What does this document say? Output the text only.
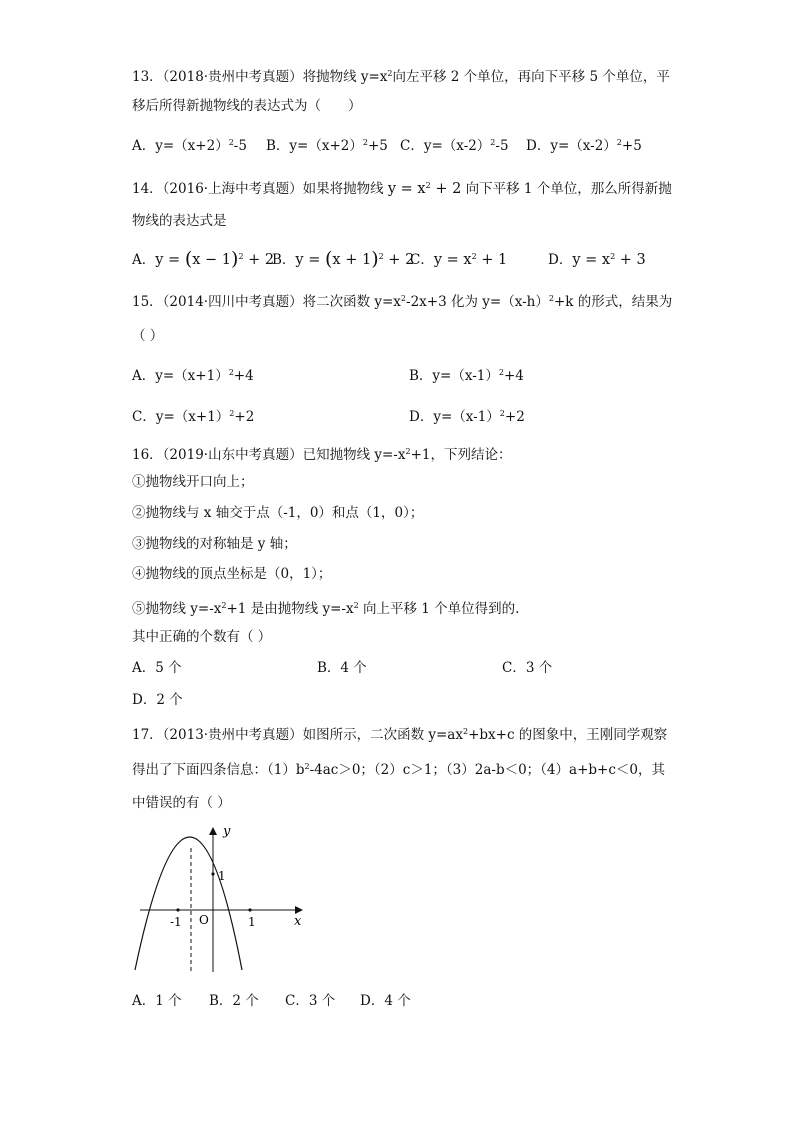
13．（2018·贵州中考真题）将抛物线 $y=x^2$向左平移 2 个单位，再向下平移 5 个单位，平
移后所得新抛物线的表达式为（　　）
A．$y=(x+2)^2-5$ B．$y=(x+2)^2+5$ C．$y=(x-2)^2-5$ D．$y=(x-2)^2+5$
14．（2016·上海中考真题）如果将抛物线 $y = x^2 + 2$ 向下平移 1 个单位，那么所得新抛
物线的表达式是
A．$y = (x - 1)^2 + 2$
B．$y = (x + 1)^2 + 2$
C．$y = x^2 + 1$	D．$y = x^2 + 3$
15．（2014·四川中考真题）将二次函数 $y=x^2-2x+3$ 化为 $y=(x-h)^2+k$ 的形式，结果为
（ ）
A．$y=(x+1)^2+4$	B．$y=(x-1)^2+4$
C．$y=(x+1)^2+2$	D．$y=(x-1)^2+2$
16．（2019·山东中考真题）已知抛物线 $y=-x^2+1$，下列结论：
①抛物线开口向上；
②抛物线与 x 轴交于点（-1，0）和点（1，0）；
③抛物线的对称轴是 y 轴；
④抛物线的顶点坐标是（0，1）；
⑤抛物线 $y=-x^2+1$ 是由抛物线 $y=-x^2$ 向上平移 1 个单位得到的.
其中正确的个数有（ ）
A．5 个	B．4 个	C．3 个
D．2 个
17．（2013·贵州中考真题）如图所示，二次函数 $y=ax^2+bx+c$ 的图象中，王刚同学观察
得出了下面四条信息：$(1)b^2-4ac>0$；（2）c＞1；（3）2a-b＜0；（4）a+b+c＜0，其
中错误的有（ ）
y
x
O
1
-1	1
A．1 个 B．2 个 C．3 个 D．4 个
